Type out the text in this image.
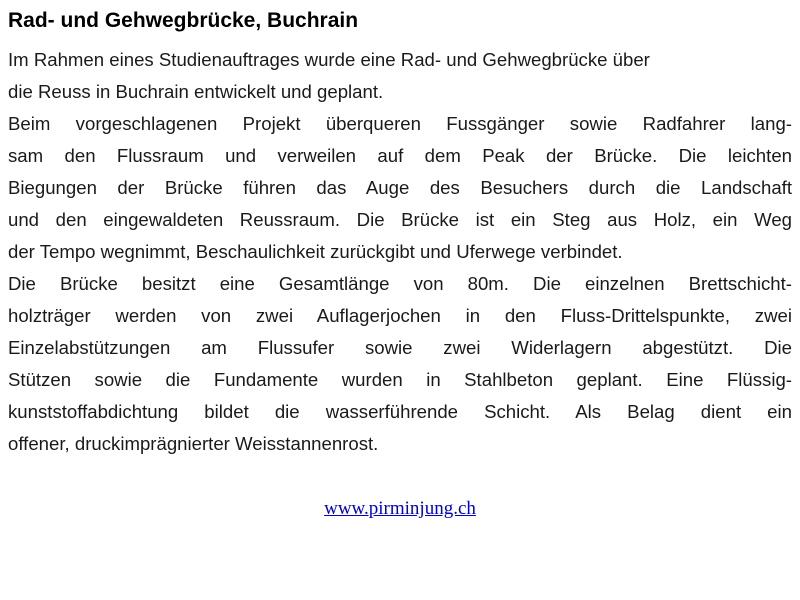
Rad- und Gehwegbrücke, Buchrain
Im Rahmen eines Studienauftrages wurde eine Rad- und Gehwegbrücke über
die Reuss in Buchrain entwickelt und geplant.
Beim vorgeschlagenen Projekt überqueren Fussgänger sowie Radfahrer lang-
sam den Flussraum und verweilen auf dem Peak der Brücke. Die leichten
Biegungen der Brücke führen das Auge des Besuchers durch die Landschaft
und den eingewaldeten Reussraum. Die Brücke ist ein Steg aus Holz, ein Weg
der Tempo wegnimmt, Beschaulichkeit zurückgibt und Uferwege verbindet.
Die Brücke besitzt eine Gesamtlänge von 80m. Die einzelnen Brettschicht-
holzträger werden von zwei Auflagerjochen in den Fluss-Drittelspunkte, zwei
Einzelabstützungen am Flussufer sowie zwei Widerlagern abgestützt. Die
Stützen sowie die Fundamente wurden in Stahlbeton geplant. Eine Flüssig-
kunststoffabdichtung bildet die wasserführende Schicht. Als Belag dient ein
offener, druckimprägnierter Weisstannenrost.
www.pirminjung.ch
